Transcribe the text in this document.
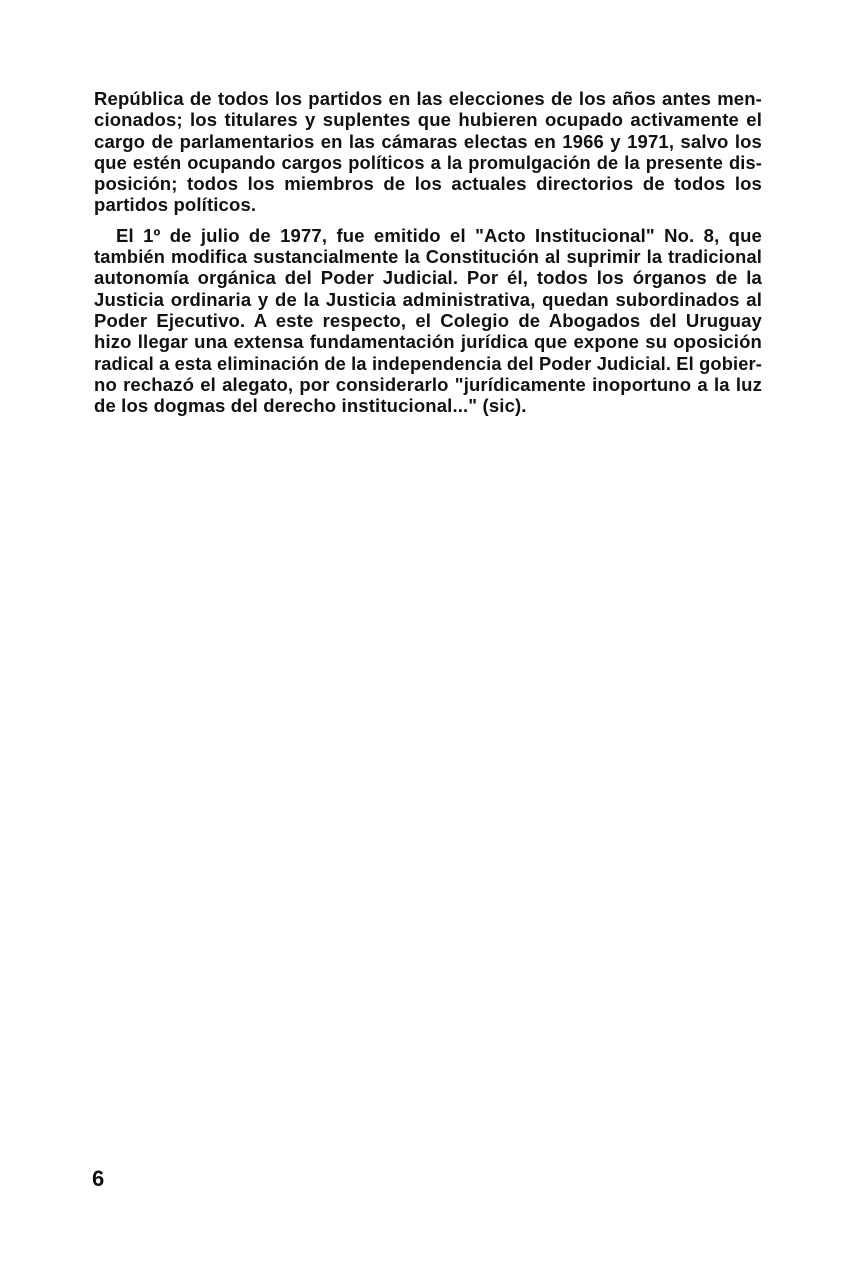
República de todos los partidos en las elecciones de los años antes men-
cionados; los titulares y suplentes que hubieren ocupado activamente el
cargo de parlamentarios en las cámaras electas en 1966 y 1971, salvo los
que estén ocupando cargos políticos a la promulgación de la presente dis-
posición; todos los miembros de los actuales directorios de todos los
partidos políticos.

El 1º de julio de 1977, fue emitido el "Acto Institucional" No. 8, que
también modifica sustancialmente la Constitución al suprimir la tradicional
autonomía orgánica del Poder Judicial. Por él, todos los órganos de la
Justicia ordinaria y de la Justicia administrativa, quedan subordinados al
Poder Ejecutivo. A este respecto, el Colegio de Abogados del Uruguay
hizo llegar una extensa fundamentación jurídica que expone su oposición
radical a esta eliminación de la independencia del Poder Judicial. El gobier-
no rechazó el alegato, por considerarlo "jurídicamente inoportuno a la luz
de los dogmas del derecho institucional..." (sic).

6
